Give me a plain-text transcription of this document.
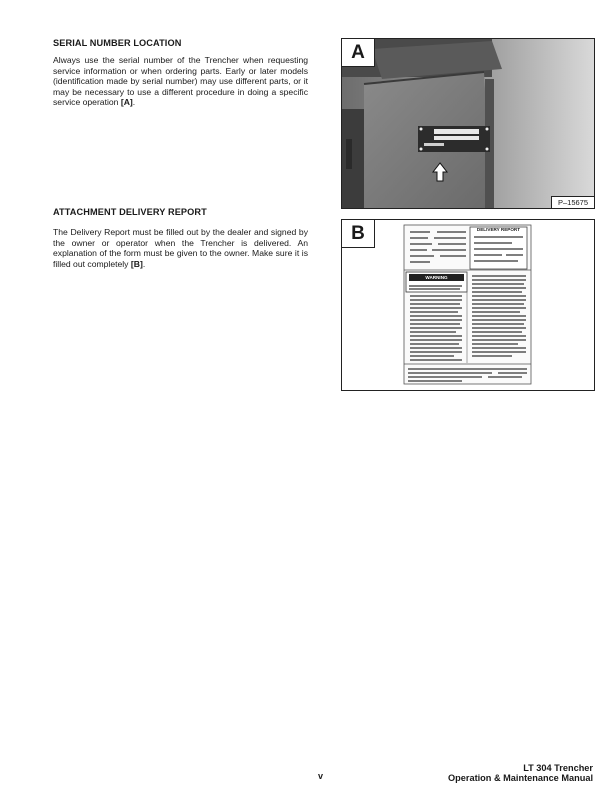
SERIAL NUMBER LOCATION
Always use the serial number of the Trencher when requesting service information or when ordering parts. Early or later models (identification made by serial number) may use different parts, or it may be necessary to use a different procedure in doing a specific service operation [A].
ATTACHMENT DELIVERY REPORT
The Delivery Report must be filled out by the dealer and signed by the owner or operator when the Trencher is delivered. An explanation of the form must be given to the owner. Make sure it is filled out completely [B].
A
P–15675
B	DELIVERY REPORT
WARNING
v
LT 304 Trencher
Operation & Maintenance Manual
